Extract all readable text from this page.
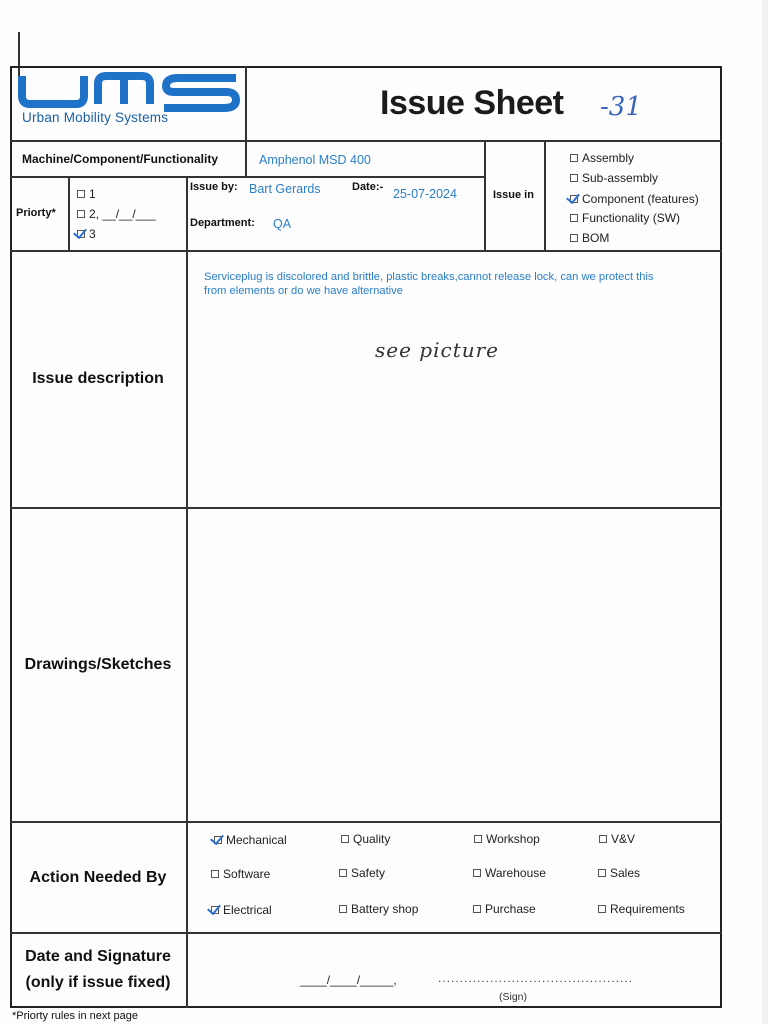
Urban Mobility Systems	Issue Sheet -31
Machine/Component/Functionality	Amphenol MSD 400
Priorty*
1
2, __/__/___
3
Issue by: Bart Gerards	Date:- 25-07-2024
Department: QA
Issue in
Assembly
Sub-assembly
Component (features)
Functionality (SW)
BOM
Issue description
Serviceplug is discolored and brittle, plastic breaks,cannot release lock, can we protect this
from elements or do we have alternative
see picture
Drawings/Sketches
Action Needed By
Mechanical	Quality	Workshop	V&V
Software	Safety	Warehouse	Sales
Electrical	Battery shop	Purchase	Requirements
Date and Signature
(only if issue fixed)	____/____/_____,	.............................................
(Sign)
*Priorty rules in next page
